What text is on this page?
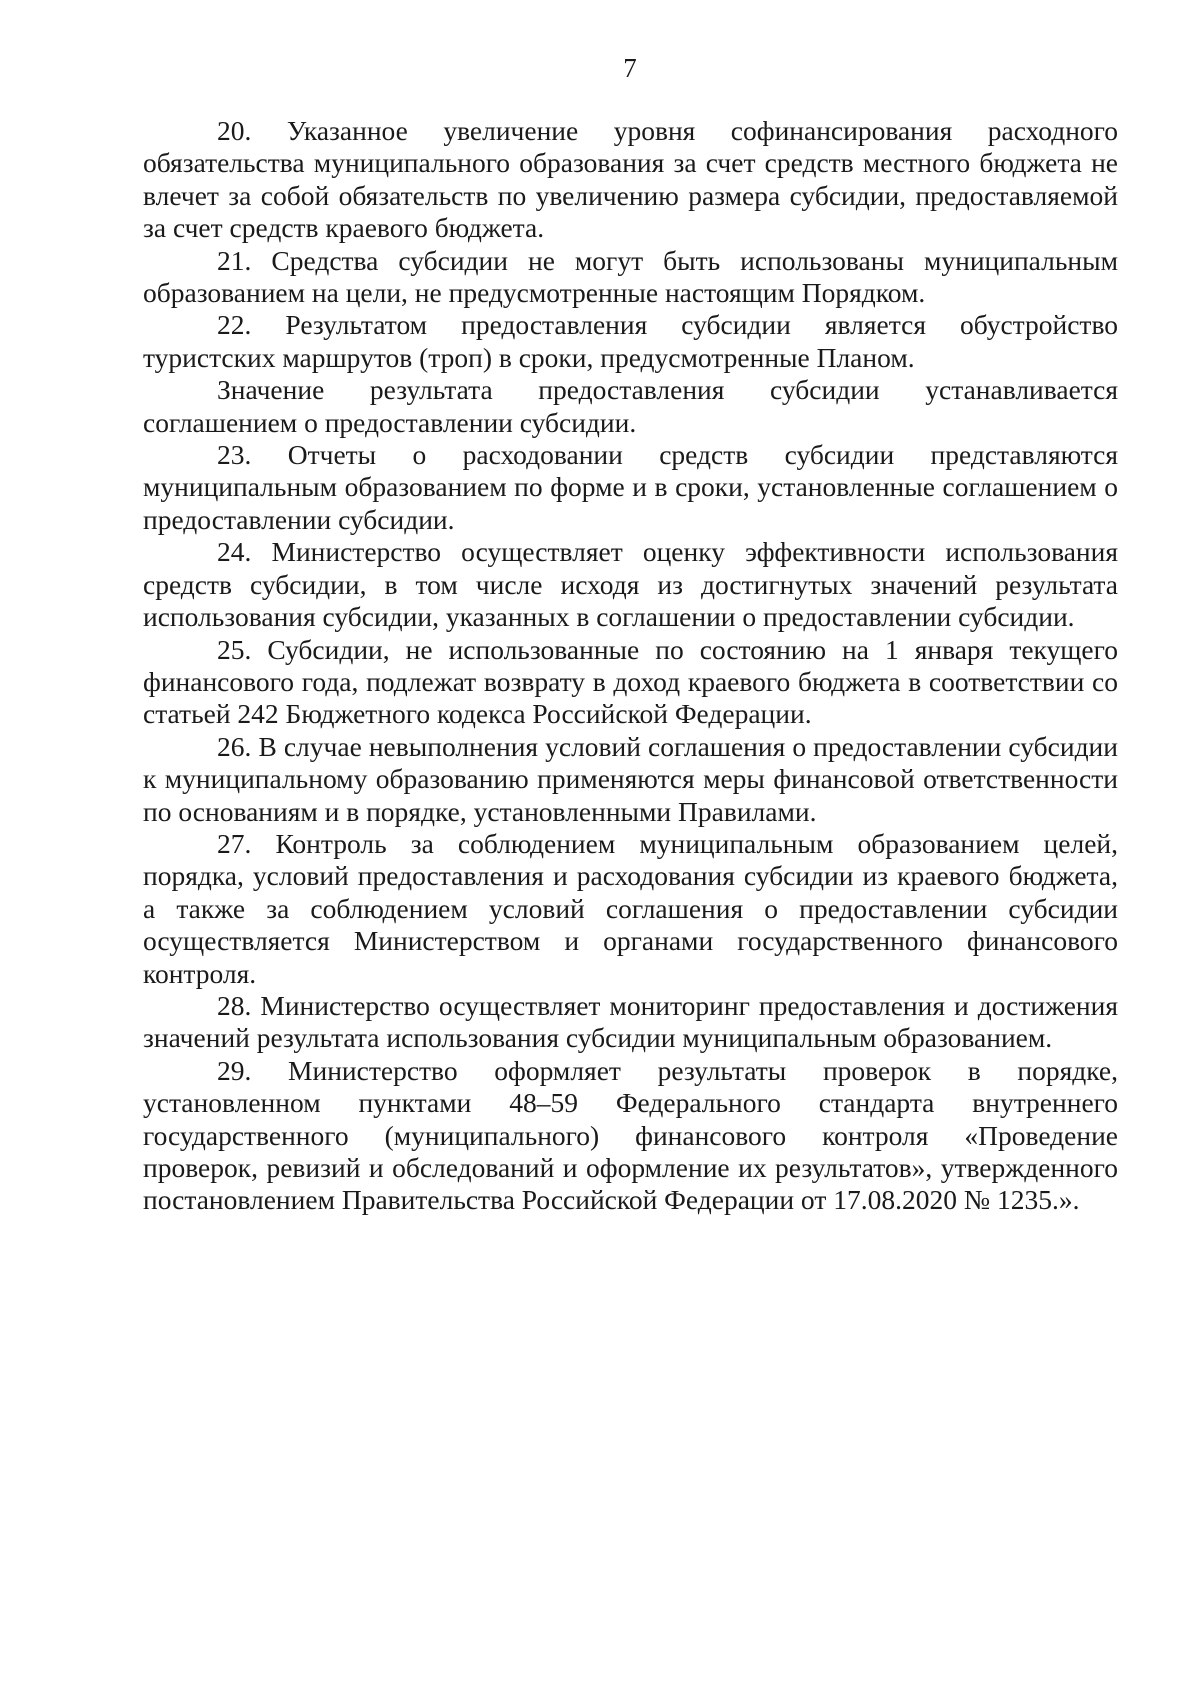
7

20. Указанное увеличение уровня софинансирования расходного обязательства муниципального образования за счет средств местного бюджета не влечет за собой обязательств по увеличению размера субсидии, предоставляемой за счет средств краевого бюджета.

21. Средства субсидии не могут быть использованы муниципальным образованием на цели, не предусмотренные настоящим Порядком.

22. Результатом предоставления субсидии является обустройство туристских маршрутов (троп) в сроки, предусмотренные Планом.

Значение результата предоставления субсидии устанавливается соглашением о предоставлении субсидии.

23. Отчеты о расходовании средств субсидии представляются муниципальным образованием по форме и в сроки, установленные соглашением о предоставлении субсидии.

24. Министерство осуществляет оценку эффективности использования средств субсидии, в том числе исходя из достигнутых значений результата использования субсидии, указанных в соглашении о предоставлении субсидии.

25. Субсидии, не использованные по состоянию на 1 января текущего финансового года, подлежат возврату в доход краевого бюджета в соответствии со статьей 242 Бюджетного кодекса Российской Федерации.

26. В случае невыполнения условий соглашения о предоставлении субсидии к муниципальному образованию применяются меры финансовой ответственности по основаниям и в порядке, установленными Правилами.

27. Контроль за соблюдением муниципальным образованием целей, порядка, условий предоставления и расходования субсидии из краевого бюджета, а также за соблюдением условий соглашения о предоставлении субсидии осуществляется Министерством и органами государственного финансового контроля.

28. Министерство осуществляет мониторинг предоставления и достижения значений результата использования субсидии муниципальным образованием.

29. Министерство оформляет результаты проверок в порядке, установленном пунктами 48–59 Федерального стандарта внутреннего государственного (муниципального) финансового контроля «Проведение проверок, ревизий и обследований и оформление их результатов», утвержденного постановлением Правительства Российской Федерации от 17.08.2020 № 1235.».
